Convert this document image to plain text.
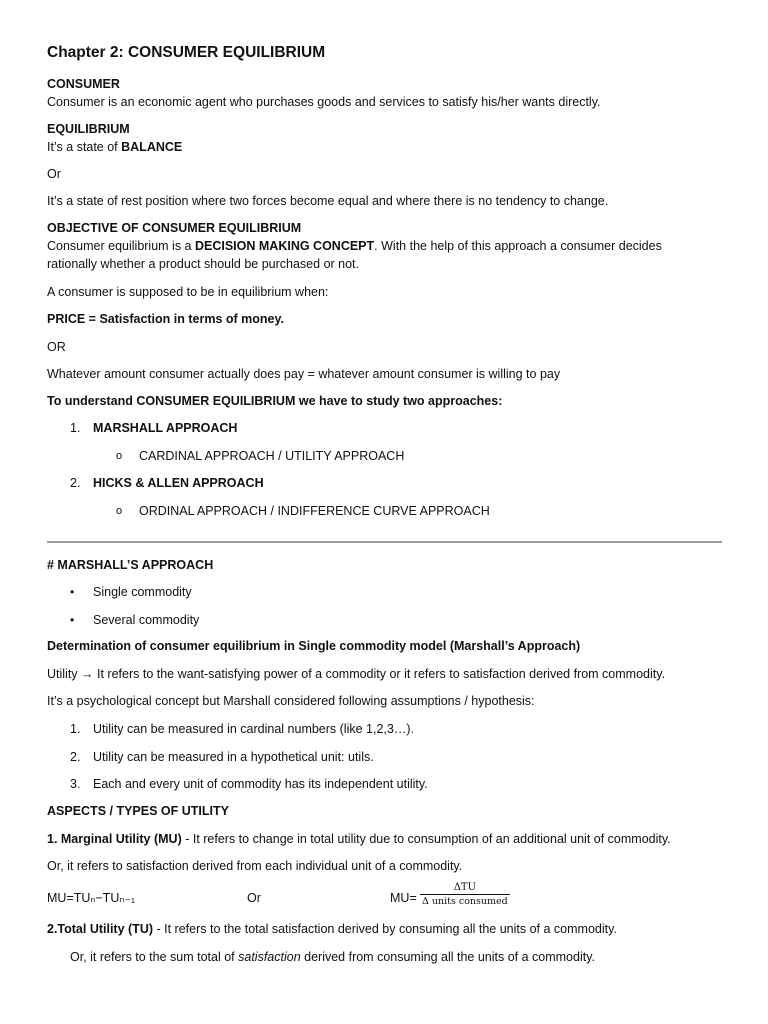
Chapter 2: CONSUMER EQUILIBRIUM
CONSUMER
Consumer is an economic agent who purchases goods and services to satisfy his/her wants directly.
EQUILIBRIUM
It’s a state of BALANCE
Or
It’s a state of rest position where two forces become equal and where there is no tendency to change.
OBJECTIVE OF CONSUMER EQUILIBRIUM
Consumer equilibrium is a DECISION MAKING CONCEPT. With the help of this approach a consumer decides
rationally whether a product should be purchased or not.
A consumer is supposed to be in equilibrium when:
PRICE = Satisfaction in terms of money.
OR
Whatever amount consumer actually does pay = whatever amount consumer is willing to pay
To understand CONSUMER EQUILIBRIUM we have to study two approaches:
1. MARSHALL APPROACH
o CARDINAL APPROACH / UTILITY APPROACH
2. HICKS & ALLEN APPROACH
o ORDINAL APPROACH / INDIFFERENCE CURVE APPROACH
# MARSHALL’S APPROACH
• Single commodity
• Several commodity
Determination of consumer equilibrium in Single commodity model (Marshall’s Approach)
Utility → It refers to the want-satisfying power of a commodity or it refers to satisfaction derived from commodity.
It’s a psychological concept but Marshall considered following assumptions / hypothesis:
1. Utility can be measured in cardinal numbers (like 1,2,3…).
2. Utility can be measured in a hypothetical unit: utils.
3. Each and every unit of commodity has its independent utility.
ASPECTS / TYPES OF UTILITY
1. Marginal Utility (MU) - It refers to change in total utility due to consumption of an additional unit of commodity.
Or, it refers to satisfaction derived from each individual unit of a commodity.
MU=TUₙ−TUₙ₋₁	Or	MU=
ΔTU
Δ units consumed
2.Total Utility (TU) - It refers to the total satisfaction derived by consuming all the units of a commodity.
Or, it refers to the sum total of satisfaction derived from consuming all the units of a commodity.
